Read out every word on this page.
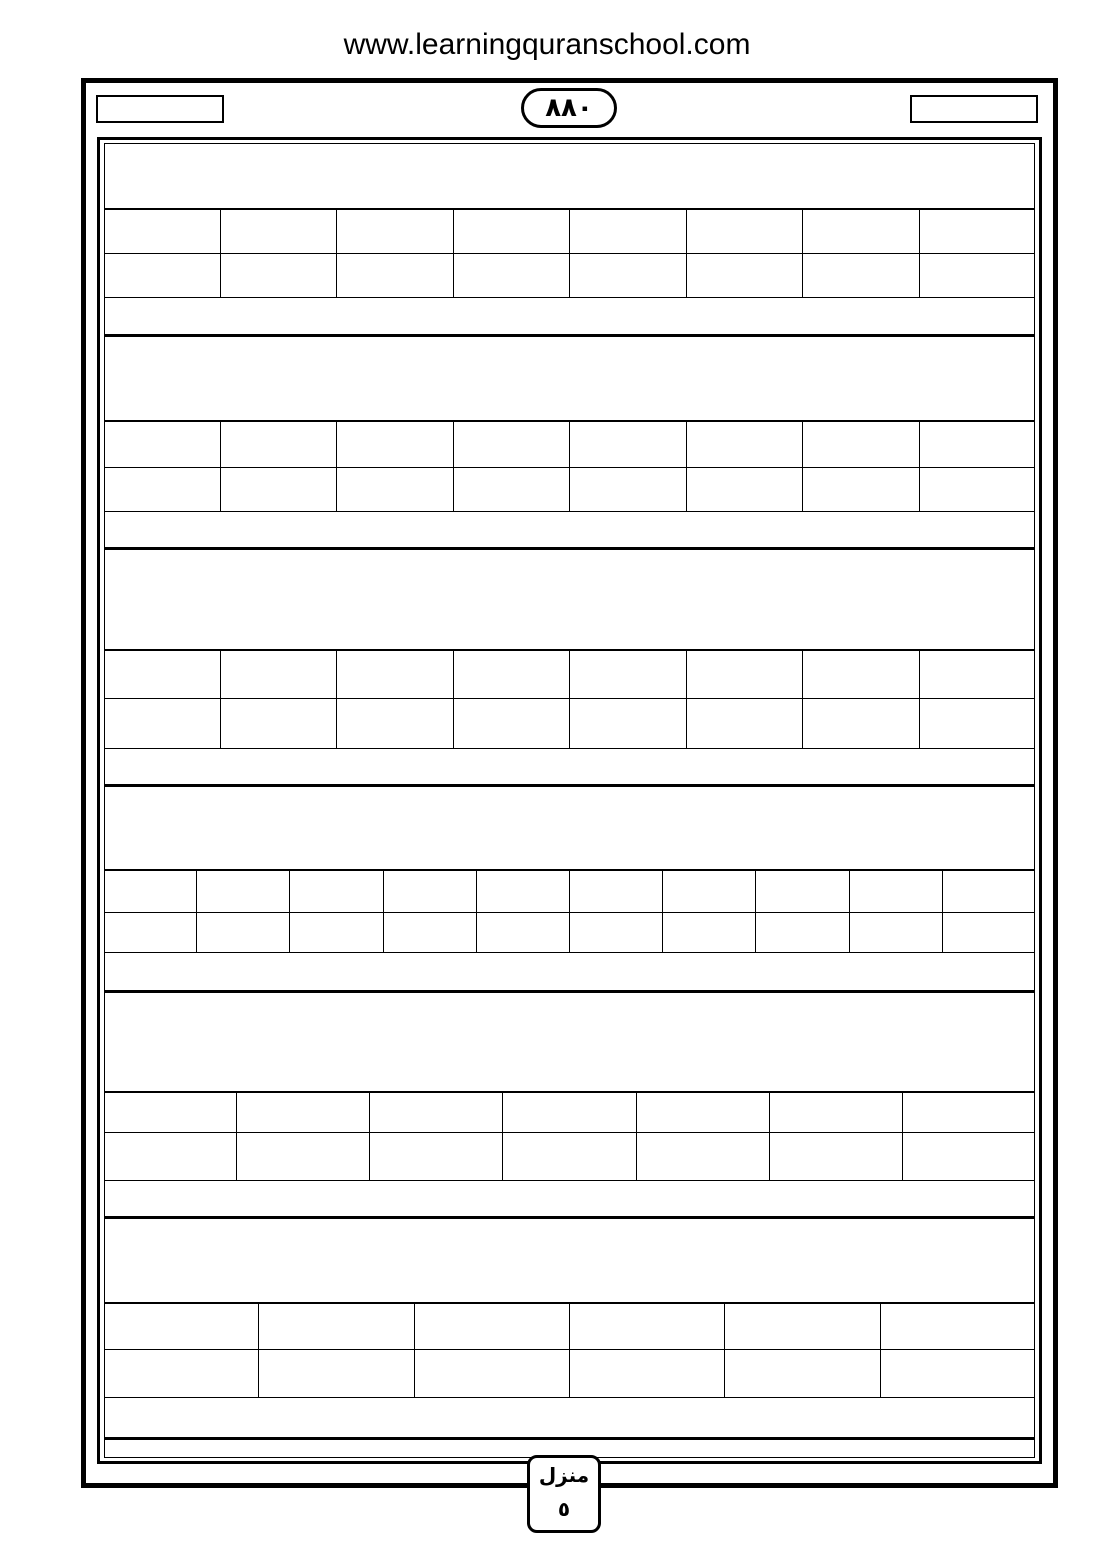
www.learningquranschool.com
٨٨٠
منزل
٥
